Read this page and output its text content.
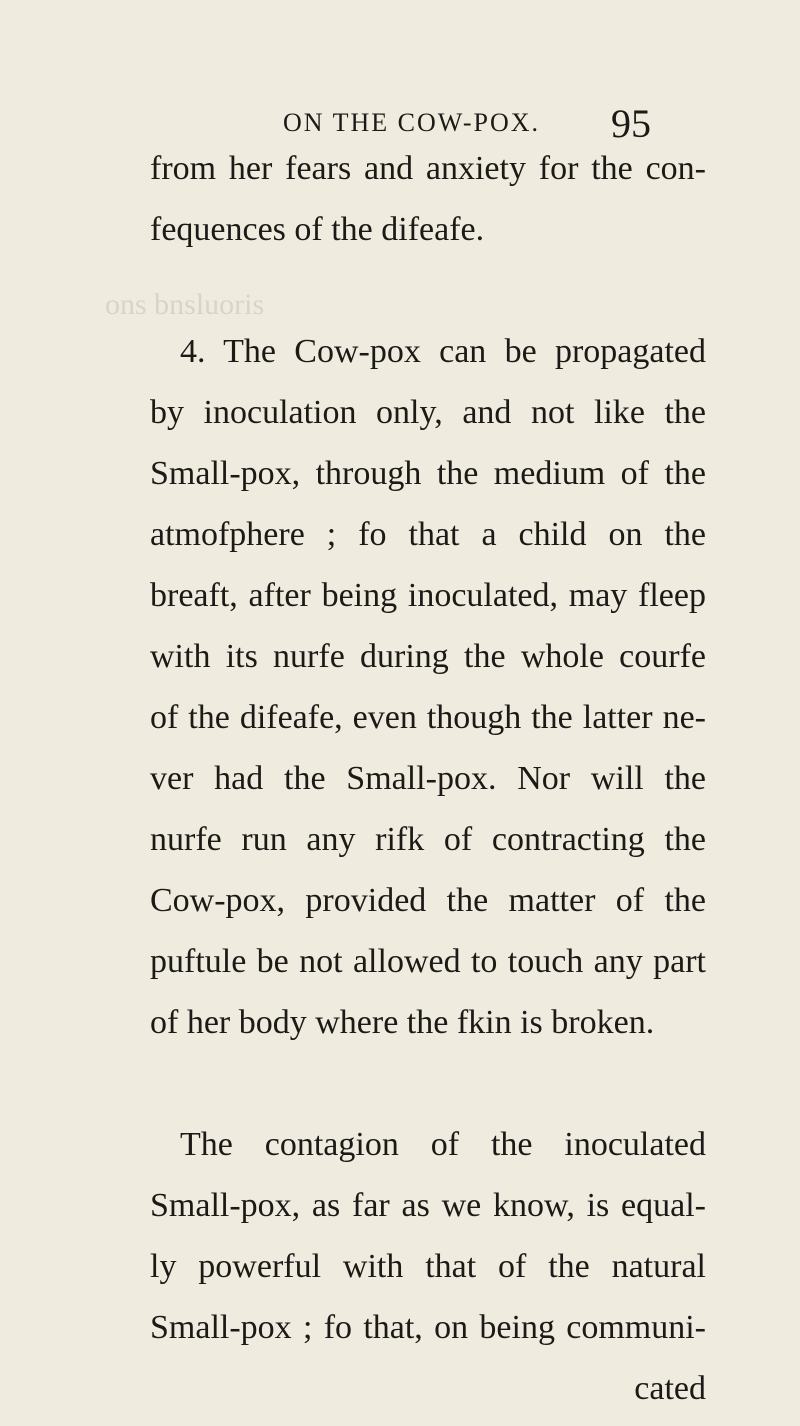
ON THE COW-POX. 95
ons bnsluoris
from her fears and anxiety for the con-
fequences of the difeafe.
4. The Cow-pox can be propagated
by inoculation only, and not like the
Small-pox, through the medium of the
atmofphere ; fo that a child on the
breaft, after being inoculated, may fleep
with its nurfe during the whole courfe
of the difeafe, even though the latter ne-
ver had the Small-pox. Nor will the
nurfe run any rifk of contracting the
Cow-pox, provided the matter of the
puftule be not allowed to touch any part
of her body where the fkin is broken.
The contagion of the inoculated
Small-pox, as far as we know, is equal-
ly powerful with that of the natural
Small-pox ; fo that, on being communi-
cated
